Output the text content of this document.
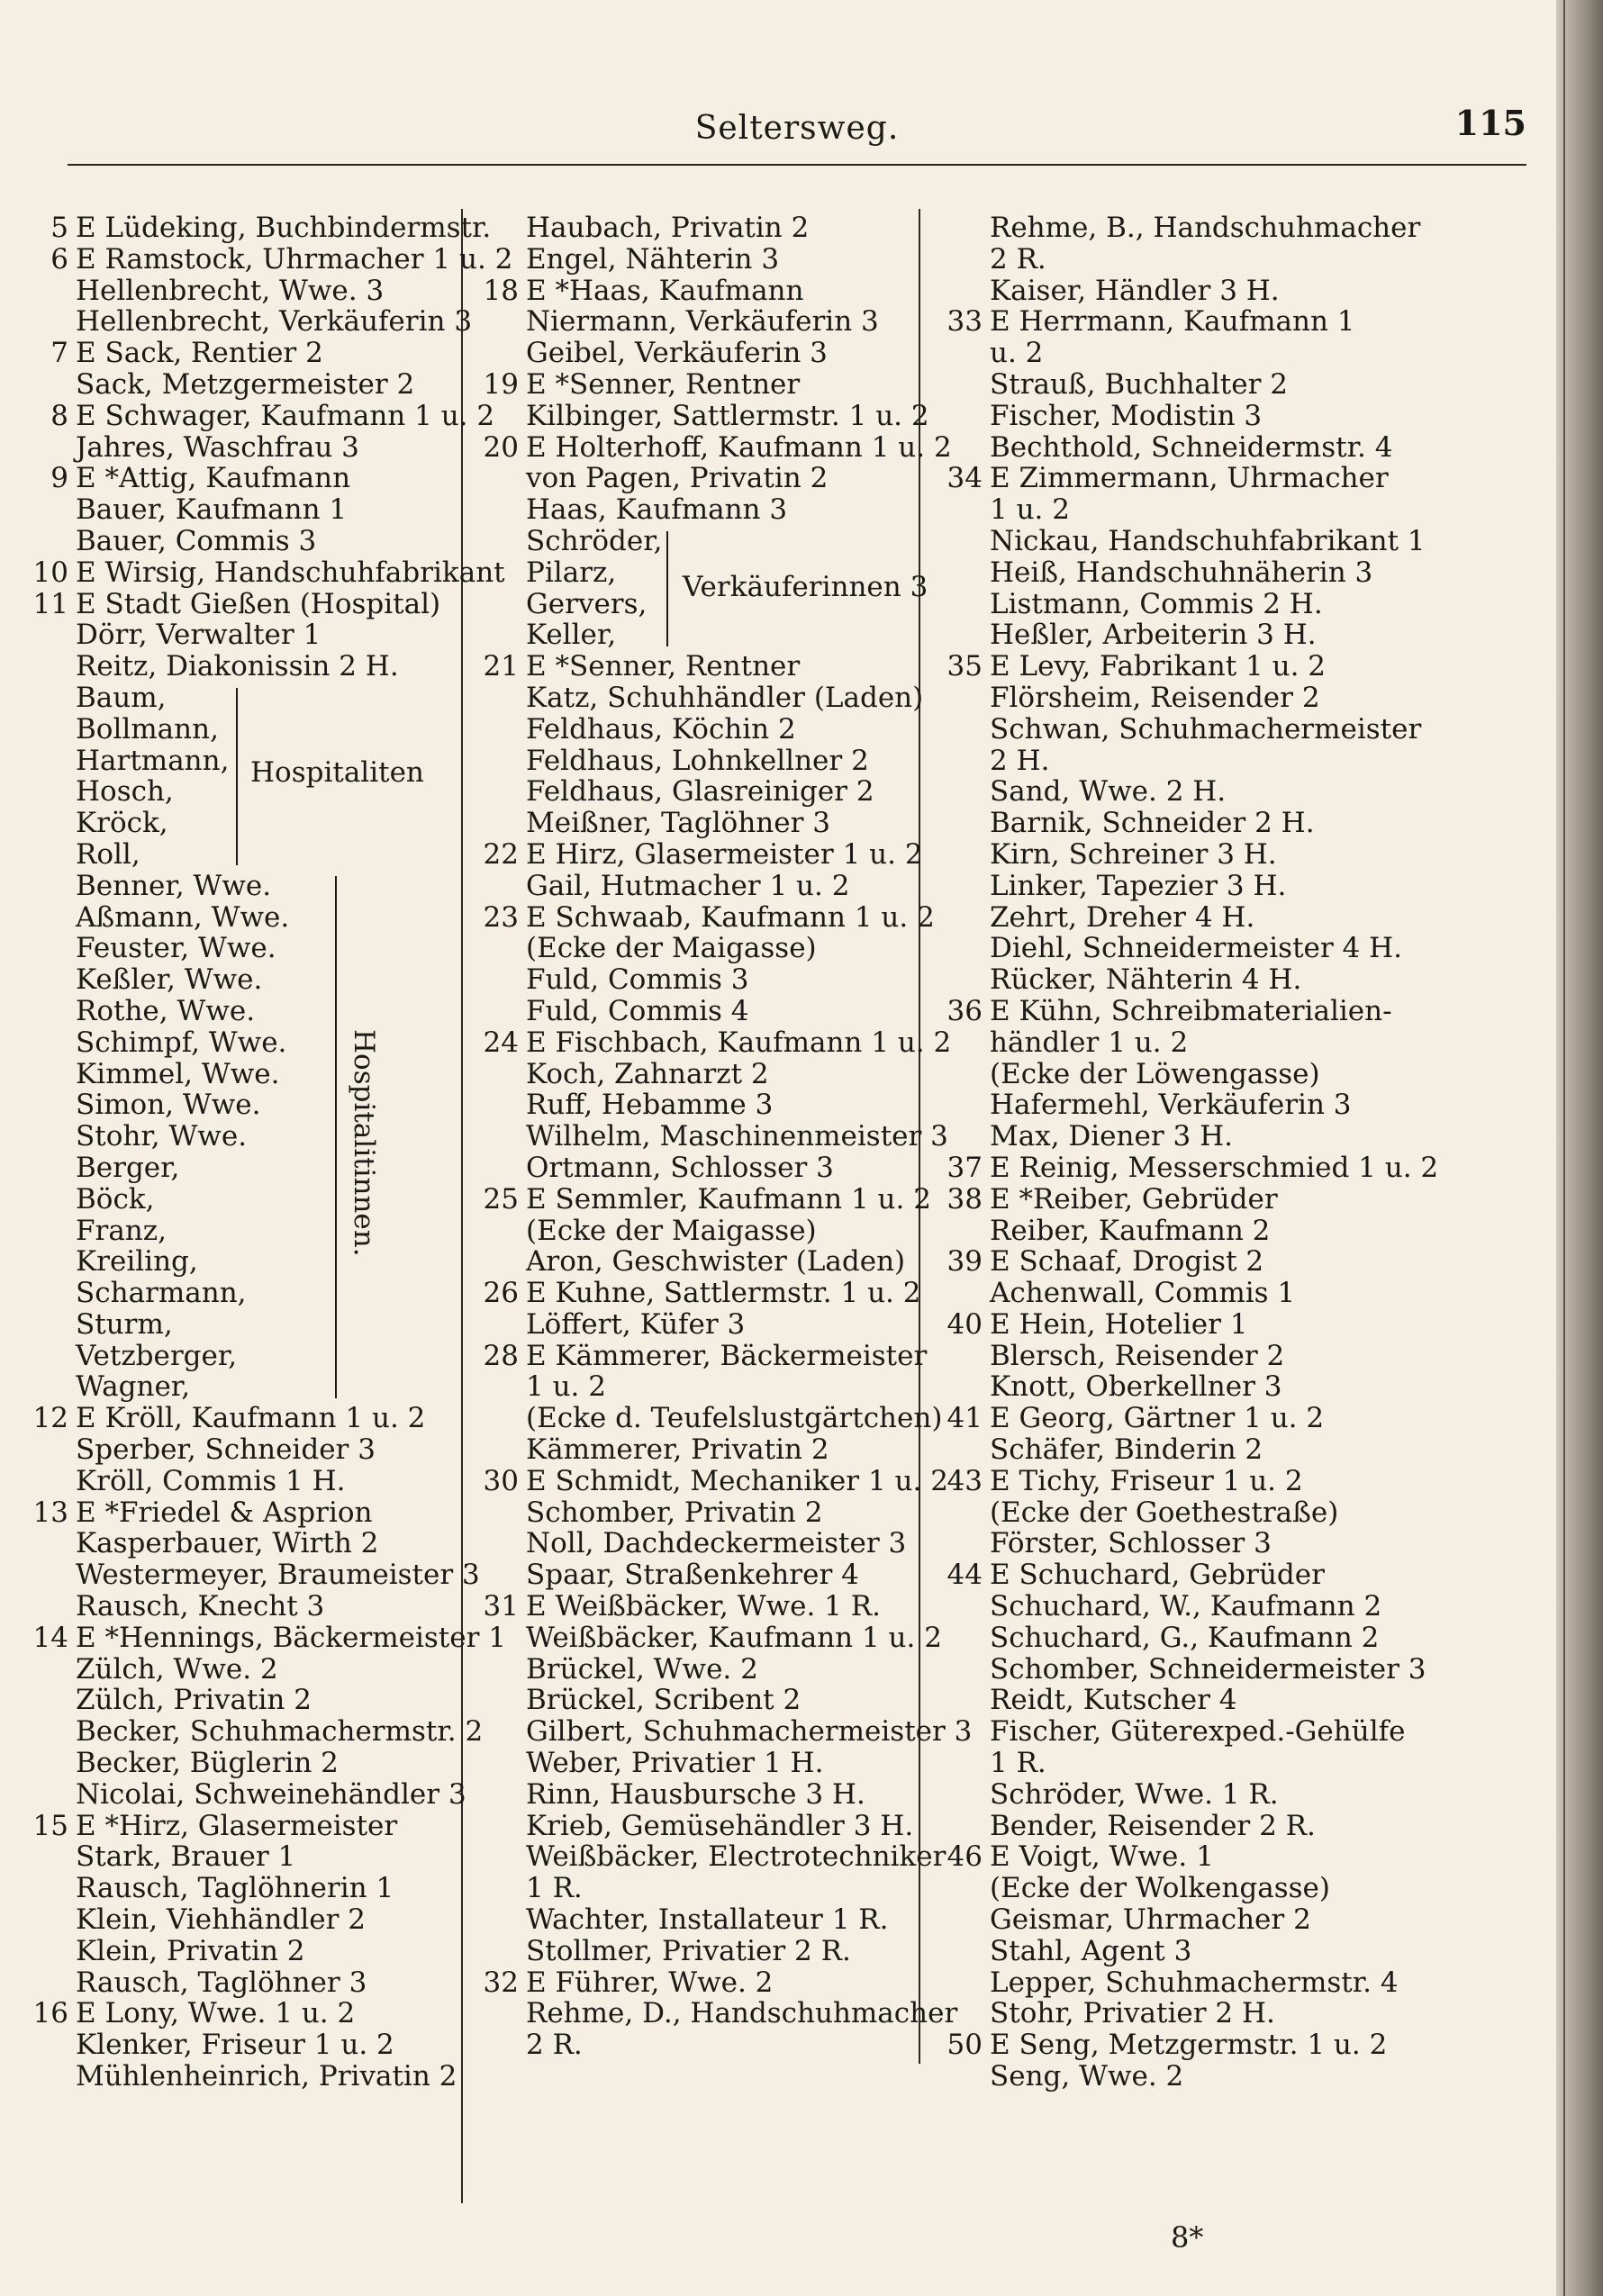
Seltersweg.	115
5 E Lüdeking, Buchbindermstr.
6 E Ramstock, Uhrmacher 1 u. 2
Hellenbrecht, Wwe. 3
Hellenbrecht, Verkäuferin 3
7 E Sack, Rentier 2
Sack, Metzgermeister 2
8 E Schwager, Kaufmann 1 u. 2
Jahres, Waschfrau 3
9 E *Attig, Kaufmann
Bauer, Kaufmann 1
Bauer, Commis 3
10 E Wirsig, Handschuhfabrikant
11 E Stadt Gießen (Hospital)
Dörr, Verwalter 1
Reitz, Diakonissin 2 H.
Baum,
Bollmann,
Hartmann,
Hosch,
Kröck,
Roll,
Hospitaliten
Benner, Wwe.
Aßmann, Wwe.
Feuster, Wwe.
Keßler, Wwe.
Rothe, Wwe.
Schimpf, Wwe.
Kimmel, Wwe.
Simon, Wwe.
Stohr, Wwe.
Berger,
Böck,
Franz,
Kreiling,
Scharmann,
Sturm,
Vetzberger,
Wagner,
Hospitalitinnen.
12 E Kröll, Kaufmann 1 u. 2
Sperber, Schneider 3
Kröll, Commis 1 H.
13 E *Friedel & Asprion
Kasperbauer, Wirth 2
Westermeyer, Braumeister 3
Rausch, Knecht 3
14 E *Hennings, Bäckermeister 1
Zülch, Wwe. 2
Zülch, Privatin 2
Becker, Schuhmachermstr. 2
Becker, Büglerin 2
Nicolai, Schweinehändler 3
15 E *Hirz, Glasermeister
Stark, Brauer 1
Rausch, Taglöhnerin 1
Klein, Viehhändler 2
Klein, Privatin 2
Rausch, Taglöhner 3
16 E Lony, Wwe. 1 u. 2
Klenker, Friseur 1 u. 2
Mühlenheinrich, Privatin 2
Haubach, Privatin 2
Engel, Nähterin 3
18 E *Haas, Kaufmann
Niermann, Verkäuferin 3
Geibel, Verkäuferin 3
19 E *Senner, Rentner
Kilbinger, Sattlermstr. 1 u. 2
20 E Holterhoff, Kaufmann 1 u. 2
von Pagen, Privatin 2
Haas, Kaufmann 3
Schröder,
Pilarz,
Gervers,
Keller,
Verkäuferinnen 3
21 E *Senner, Rentner
Katz, Schuhhändler (Laden)
Feldhaus, Köchin 2
Feldhaus, Lohnkellner 2
Feldhaus, Glasreiniger 2
Meißner, Taglöhner 3
22 E Hirz, Glasermeister 1 u. 2
Gail, Hutmacher 1 u. 2
23 E Schwaab, Kaufmann 1 u. 2
(Ecke der Maigasse)
Fuld, Commis 3
Fuld, Commis 4
24 E Fischbach, Kaufmann 1 u. 2
Koch, Zahnarzt 2
Ruff, Hebamme 3
Wilhelm, Maschinenmeister 3
Ortmann, Schlosser 3
25 E Semmler, Kaufmann 1 u. 2
(Ecke der Maigasse)
Aron, Geschwister (Laden)
26 E Kuhne, Sattlermstr. 1 u. 2
Löffert, Küfer 3
28 E Kämmerer, Bäckermeister
1 u. 2
(Ecke d. Teufelslustgärtchen)
Kämmerer, Privatin 2
30 E Schmidt, Mechaniker 1 u. 2
Schomber, Privatin 2
Noll, Dachdeckermeister 3
Spaar, Straßenkehrer 4
31 E Weißbäcker, Wwe. 1 R.
Weißbäcker, Kaufmann 1 u. 2
Brückel, Wwe. 2
Brückel, Scribent 2
Gilbert, Schuhmachermeister 3
Weber, Privatier 1 H.
Rinn, Hausbursche 3 H.
Krieb, Gemüsehändler 3 H.
Weißbäcker, Electrotechniker
1 R.
Wachter, Installateur 1 R.
Stollmer, Privatier 2 R.
32 E Führer, Wwe. 2
Rehme, D., Handschuhmacher
2 R.
Rehme, B., Handschuhmacher
2 R.
Kaiser, Händler 3 H.
33 E Herrmann, Kaufmann 1
u. 2
Strauß, Buchhalter 2
Fischer, Modistin 3
Bechthold, Schneidermstr. 4
34 E Zimmermann, Uhrmacher
1 u. 2
Nickau, Handschuhfabrikant 1
Heiß, Handschuhnäherin 3
Listmann, Commis 2 H.
Heßler, Arbeiterin 3 H.
35 E Levy, Fabrikant 1 u. 2
Flörsheim, Reisender 2
Schwan, Schuhmachermeister
2 H.
Sand, Wwe. 2 H.
Barnik, Schneider 2 H.
Kirn, Schreiner 3 H.
Linker, Tapezier 3 H.
Zehrt, Dreher 4 H.
Diehl, Schneidermeister 4 H.
Rücker, Nähterin 4 H.
36 E Kühn, Schreibmaterialien-
händler 1 u. 2
(Ecke der Löwengasse)
Hafermehl, Verkäuferin 3
Max, Diener 3 H.
37 E Reinig, Messerschmied 1 u. 2
38 E *Reiber, Gebrüder
Reiber, Kaufmann 2
39 E Schaaf, Drogist 2
Achenwall, Commis 1
40 E Hein, Hotelier 1
Blersch, Reisender 2
Knott, Oberkellner 3
41 E Georg, Gärtner 1 u. 2
Schäfer, Binderin 2
43 E Tichy, Friseur 1 u. 2
(Ecke der Goethestraße)
Förster, Schlosser 3
44 E Schuchard, Gebrüder
Schuchard, W., Kaufmann 2
Schuchard, G., Kaufmann 2
Schomber, Schneidermeister 3
Reidt, Kutscher 4
Fischer, Güterexped.-Gehülfe
1 R.
Schröder, Wwe. 1 R.
Bender, Reisender 2 R.
46 E Voigt, Wwe. 1
(Ecke der Wolkengasse)
Geismar, Uhrmacher 2
Stahl, Agent 3
Lepper, Schuhmachermstr. 4
Stohr, Privatier 2 H.
50 E Seng, Metzgermstr. 1 u. 2
Seng, Wwe. 2
8*
